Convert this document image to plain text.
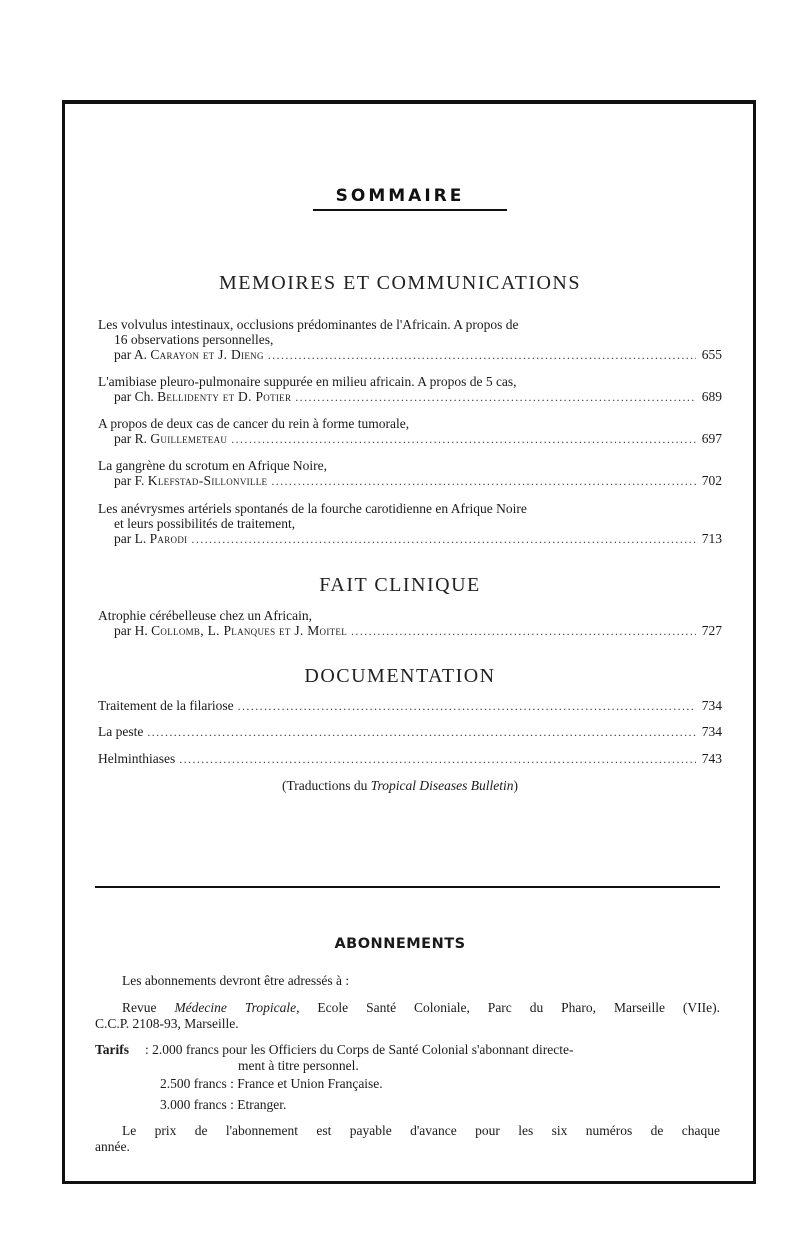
SOMMAIRE
MEMOIRES ET COMMUNICATIONS
Les volvulus intestinaux, occlusions prédominantes de l'Africain. A propos de
16 observations personnelles,
par A. Carayon et J. Dieng .....	655
L'amibiase pleuro-pulmonaire suppurée en milieu africain. A propos de 5 cas,
par Ch. Bellidenty et D. Potier .....	689
A propos de deux cas de cancer du rein à forme tumorale,
par R. Guillemeteau .....	697
La gangrène du scrotum en Afrique Noire,
par F. Klefstad-Sillonville .....	702
Les anévrysmes artériels spontanés de la fourche carotidienne en Afrique Noire
et leurs possibilités de traitement,
par L. Parodi .....	713
FAIT CLINIQUE
Atrophie cérébelleuse chez un Africain,
par H. Collomb, L. Planques et J. Moitel .....	727
DOCUMENTATION
Traitement de la filariose .....	734
La peste .....	734
Helminthiases .....	743
(Traductions du Tropical Diseases Bulletin)
ABONNEMENTS
Les abonnements devront être adressés à :
Revue Médecine Tropicale, Ecole Santé Coloniale, Parc du Pharo, Marseille (VIIe).
C.C.P. 2108-93, Marseille.
Tarifs : 2.000 francs pour les Officiers du Corps de Santé Colonial s'abonnant directe-
ment à titre personnel.
2.500 francs : France et Union Française.
3.000 francs : Etranger.
Le prix de l'abonnement est payable d'avance pour les six numéros de chaque
année.
